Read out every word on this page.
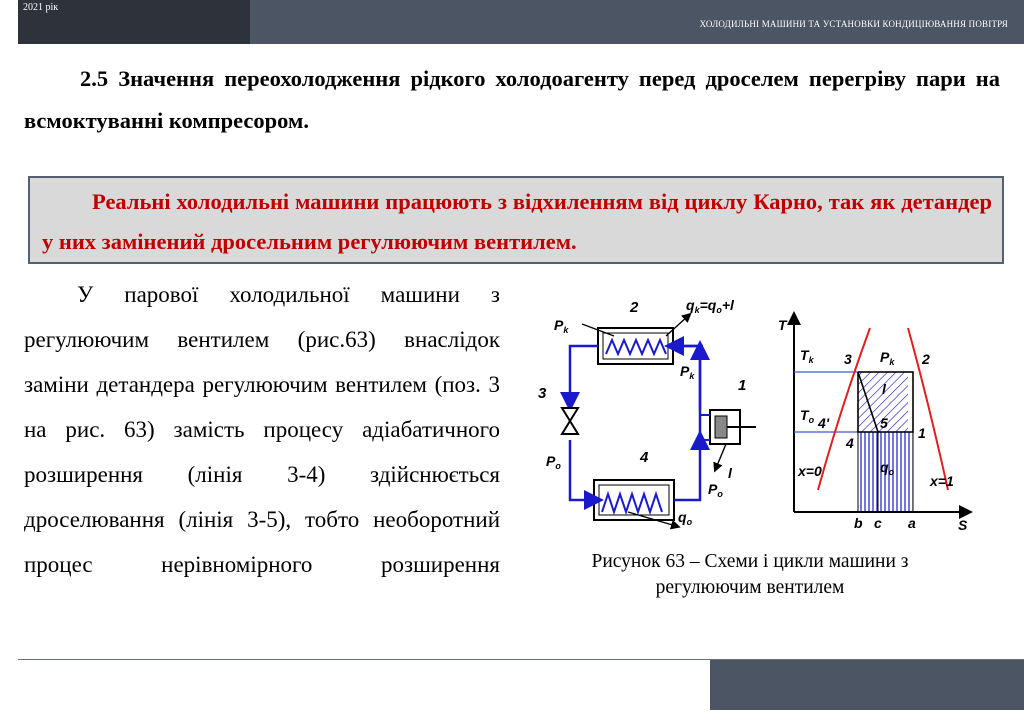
2021 рік
ХОЛОДИЛЬНІ МАШИНИ ТА УСТАНОВКИ КОНДИЦІЮВАННЯ ПОВІТРЯ
2.5 Значення переохолодження рідкого холодоагенту перед дроселем перегріву пари на всмоктуванні компресором.
Реальні холодильні машини працюють з відхиленням від циклу Карно, так як детандер у них замінений дросельним регулюючим вентилем.
У парової холодильної машини з регулюючим вентилем (рис.63) внаслідок заміни детандера регулюючим вентилем (поз. 3 на рис. 63) замість процесу адіабатичного розширення (лінія 3-4) здійснюється дроселювання (лінія 3-5), тобто необоротний процес нерівномірного розширення
2
3
4
1
$q_k=q_o+l$
$P_k$
$P_k$
$P_o$
$P_o$
l
$q_o$
T
S
$T_k$
$T_o$
3 $P_k$ 2
l
4'	5
4
1
$q_o$
x=0
x=1
b c a
Рисунок 63 – Схеми і цикли машини з
регулюючим вентилем
